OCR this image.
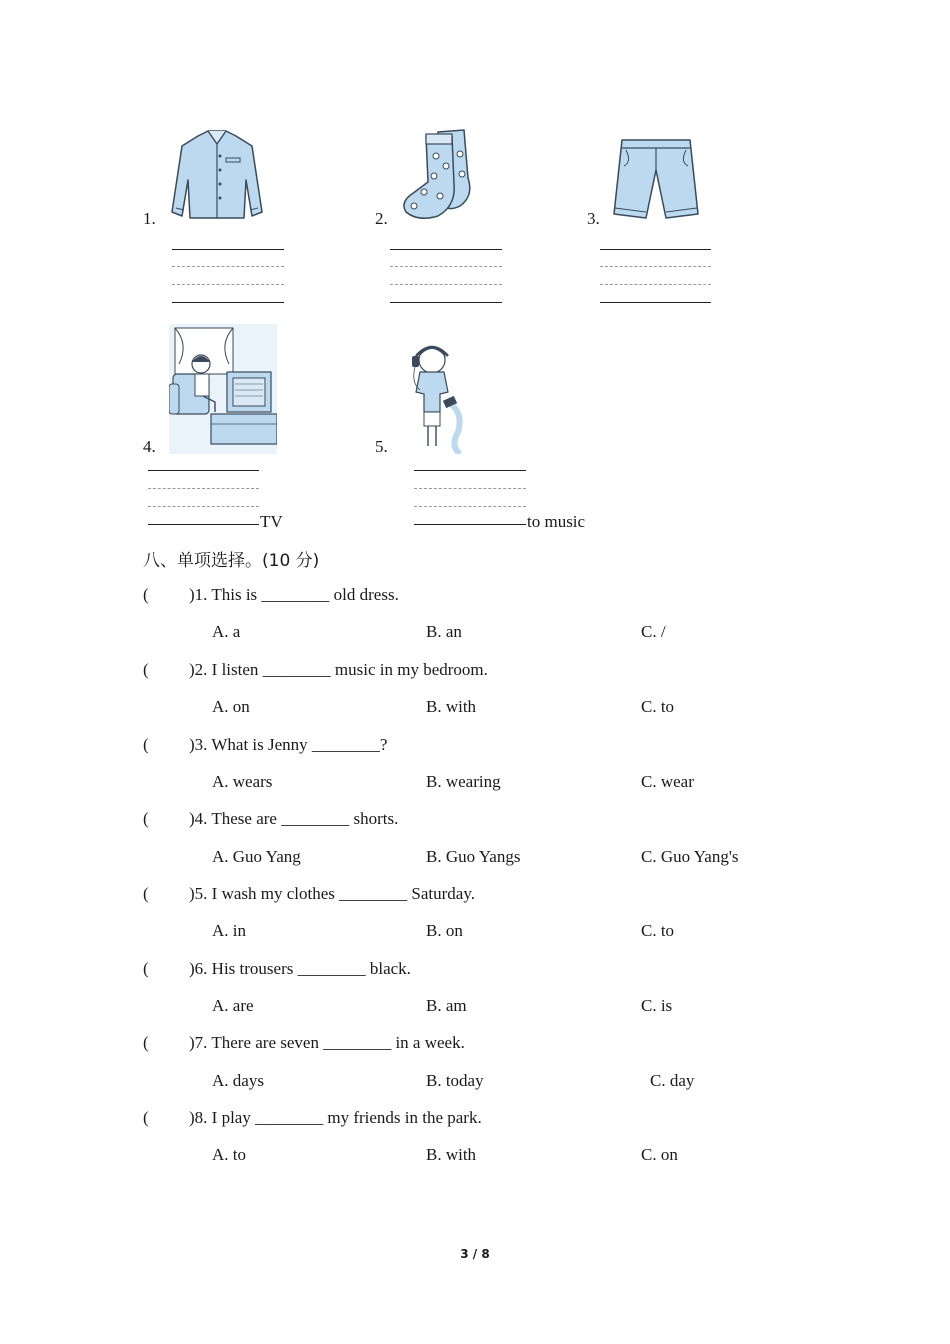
1.	2.	3.
4.	5.
TV	to music
八、单项选择。(10 分)
( )1. This is ________ old dress.
A. a	B. an	C. /
( )2. I listen ________ music in my bedroom.
A. on	B. with	C. to
( )3. What is Jenny ________?
A. wears	B. wearing	C. wear
( )4. These are ________ shorts.
A. Guo Yang	B. Guo Yangs	C. Guo Yang's
( )5. I wash my clothes ________ Saturday.
A. in	B. on	C. to
( )6. His trousers ________ black.
A. are	B. am	C. is
( )7. There are seven ________ in a week.
A. days	B. today	C. day
( )8. I play ________ my friends in the park.
A. to	B. with	C. on
3 / 8
